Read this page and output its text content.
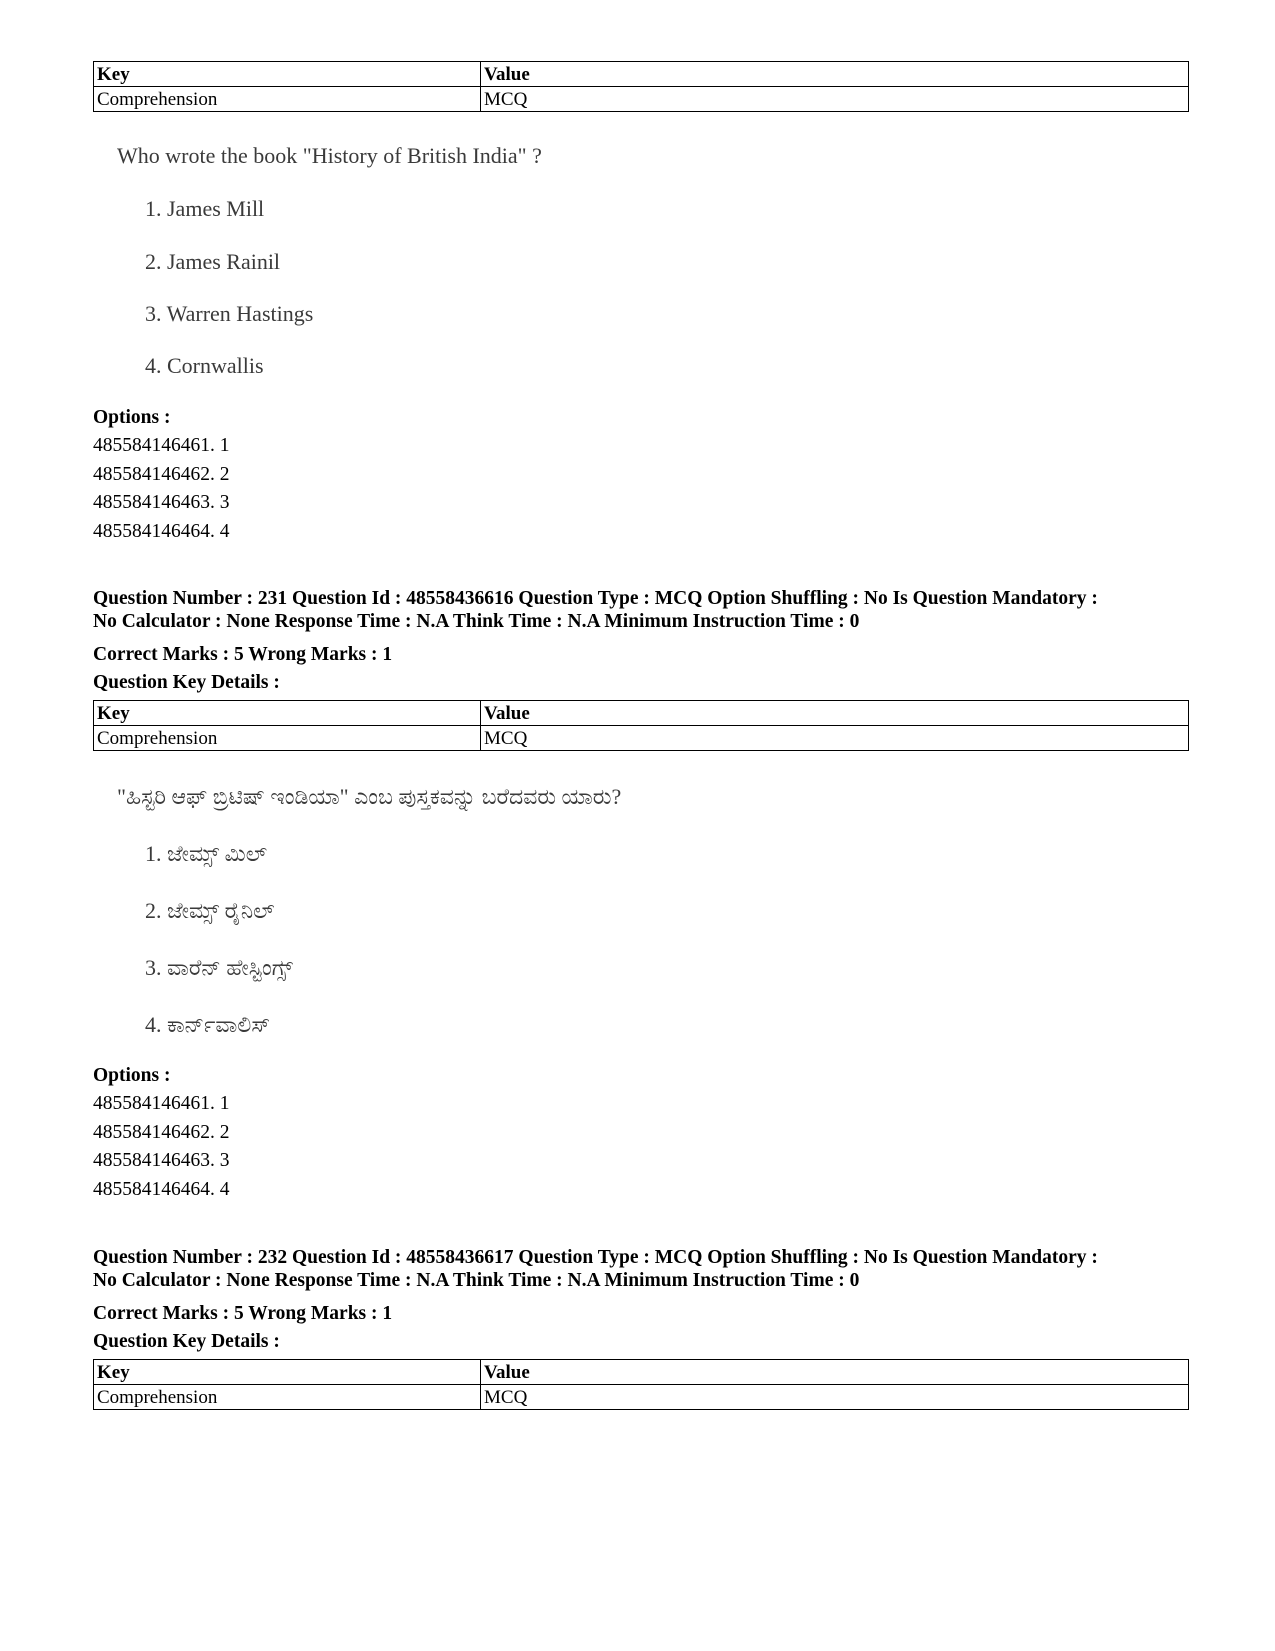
Key	Value
Comprehension	MCQ
Who wrote the book "History of British India" ?
1. James Mill
2. James Rainil
3. Warren Hastings
4. Cornwallis
Options :
485584146461. 1
485584146462. 2
485584146463. 3
485584146464. 4
Question Number : 231 Question Id : 48558436616 Question Type : MCQ Option Shuffling : No Is Question Mandatory :
No Calculator : None Response Time : N.A Think Time : N.A Minimum Instruction Time : 0
Correct Marks : 5 Wrong Marks : 1
Question Key Details :
Key	Value
Comprehension	MCQ
"ಹಿಸ್ಟರಿ ಆಫ್ ಬ್ರಿಟಿಷ್ ಇಂಡಿಯಾ" ಎಂಬ ಪುಸ್ತಕವನ್ನು ಬರೆದವರು ಯಾರು?
1. ಜೇಮ್ಸ್ ಮಿಲ್
2. ಜೇಮ್ಸ್ ರೈನಿಲ್
3. ವಾರೆನ್ ಹೇಸ್ಟಿಂಗ್ಸ್
4. ಕಾರ್ನ್‌ವಾಲಿಸ್
Options :
485584146461. 1
485584146462. 2
485584146463. 3
485584146464. 4
Question Number : 232 Question Id : 48558436617 Question Type : MCQ Option Shuffling : No Is Question Mandatory :
No Calculator : None Response Time : N.A Think Time : N.A Minimum Instruction Time : 0
Correct Marks : 5 Wrong Marks : 1
Question Key Details :
Key	Value
Comprehension	MCQ
